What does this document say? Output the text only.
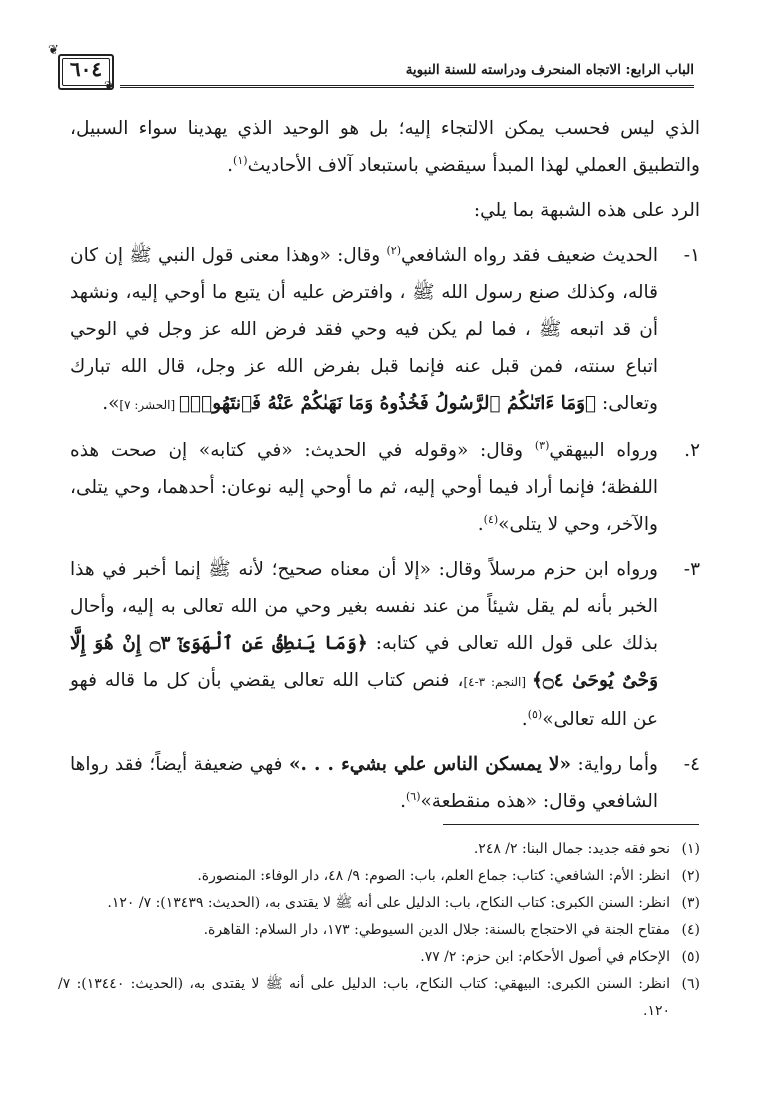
الباب الرابع: الاتجاه المنحرف ودراسته للسنة النبوية
❦
٦٠٤
❦

الذي ليس فحسب يمكن الالتجاء إليه؛ بل هو الوحيد الذي يهدينا سواء السبيل، والتطبيق العملي لهذا المبدأ سيقضي باستبعاد آلاف الأحاديث$^{(١)}$.

الرد على هذه الشبهة بما يلي:

١-
الحديث ضعيف فقد رواه الشافعي$^{(٢)}$ وقال: «وهذا معنى قول النبي ﷺ إن كان قاله، وكذلك صنع رسول الله ﷺ ، وافترض عليه أن يتبع ما أوحي إليه، ونشهد أن قد اتبعه ﷺ ، فما لم يكن فيه وحي فقد فرض الله عز وجل في الوحي اتباع سنته، فمن قبل عنه فإنما قبل بفرض الله عز وجل، قال الله تبارك وتعالى: ﴿وَمَا ءَاتَىٰكُمُ ٱلرَّسُولُ فَخُذُوهُ وَمَا نَهَىٰكُمْ عَنْهُ فَٱنتَهُوا۟﴾ [الحشر: ٧]».
٢.
ورواه البيهقي$^{(٣)}$ وقال: «وقوله في الحديث: «في كتابه» إن صحت هذه اللفظة؛ فإنما أراد فيما أوحي إليه، ثم ما أوحي إليه نوعان: أحدهما، وحي يتلى، والآخر، وحي لا يتلى»$^{(٤)}$.
٣-
ورواه ابن حزم مرسلاً وقال: «إلا أن معناه صحيح؛ لأنه ﷺ إنما أخبر في هذا الخبر بأنه لم يقل شيئاً من عند نفسه بغير وحي من الله تعالى به إليه، وأحال بذلك على قول الله تعالى في كتابه: ﴿وَمَا يَنطِقُ عَنِ ٱلْهَوَىٰٓ ۝٣ إِنْ هُوَ إِلَّا وَحْىٌ يُوحَىٰ ۝٤﴾ [النجم: ٣-٤]، فنص كتاب الله تعالى يقضي بأن كل ما قاله فهو عن الله تعالى»$^{(٥)}$.
٤-
وأما رواية: «لا يمسكن الناس علي بشيء . . .» فهي ضعيفة أيضاً؛ فقد رواها الشافعي وقال: «هذه منقطعة»$^{(٦)}$.
(١)
نحو فقه جديد: جمال البنا: ٢/ ٢٤٨.
(٢)
انظر: الأم: الشافعي: كتاب: جماع العلم، باب: الصوم: ٩/ ٤٨، دار الوفاء: المنصورة.
(٣)
انظر: السنن الكبرى: كتاب النكاح، باب: الدليل على أنه ﷺ لا يقتدى به، (الحديث: ١٣٤٣٩): ٧/ ١٢٠.
(٤)
مفتاح الجنة في الاحتجاج بالسنة: جلال الدين السيوطي: ١٧٣، دار السلام: القاهرة.
(٥)
الإحكام في أصول الأحكام: ابن حزم: ٢/ ٧٧.
(٦)
انظر: السنن الكبرى: البيهقي: كتاب النكاح، باب: الدليل على أنه ﷺ لا يقتدى به، (الحديث: ١٣٤٤٠): ٧/ ١٢٠.
